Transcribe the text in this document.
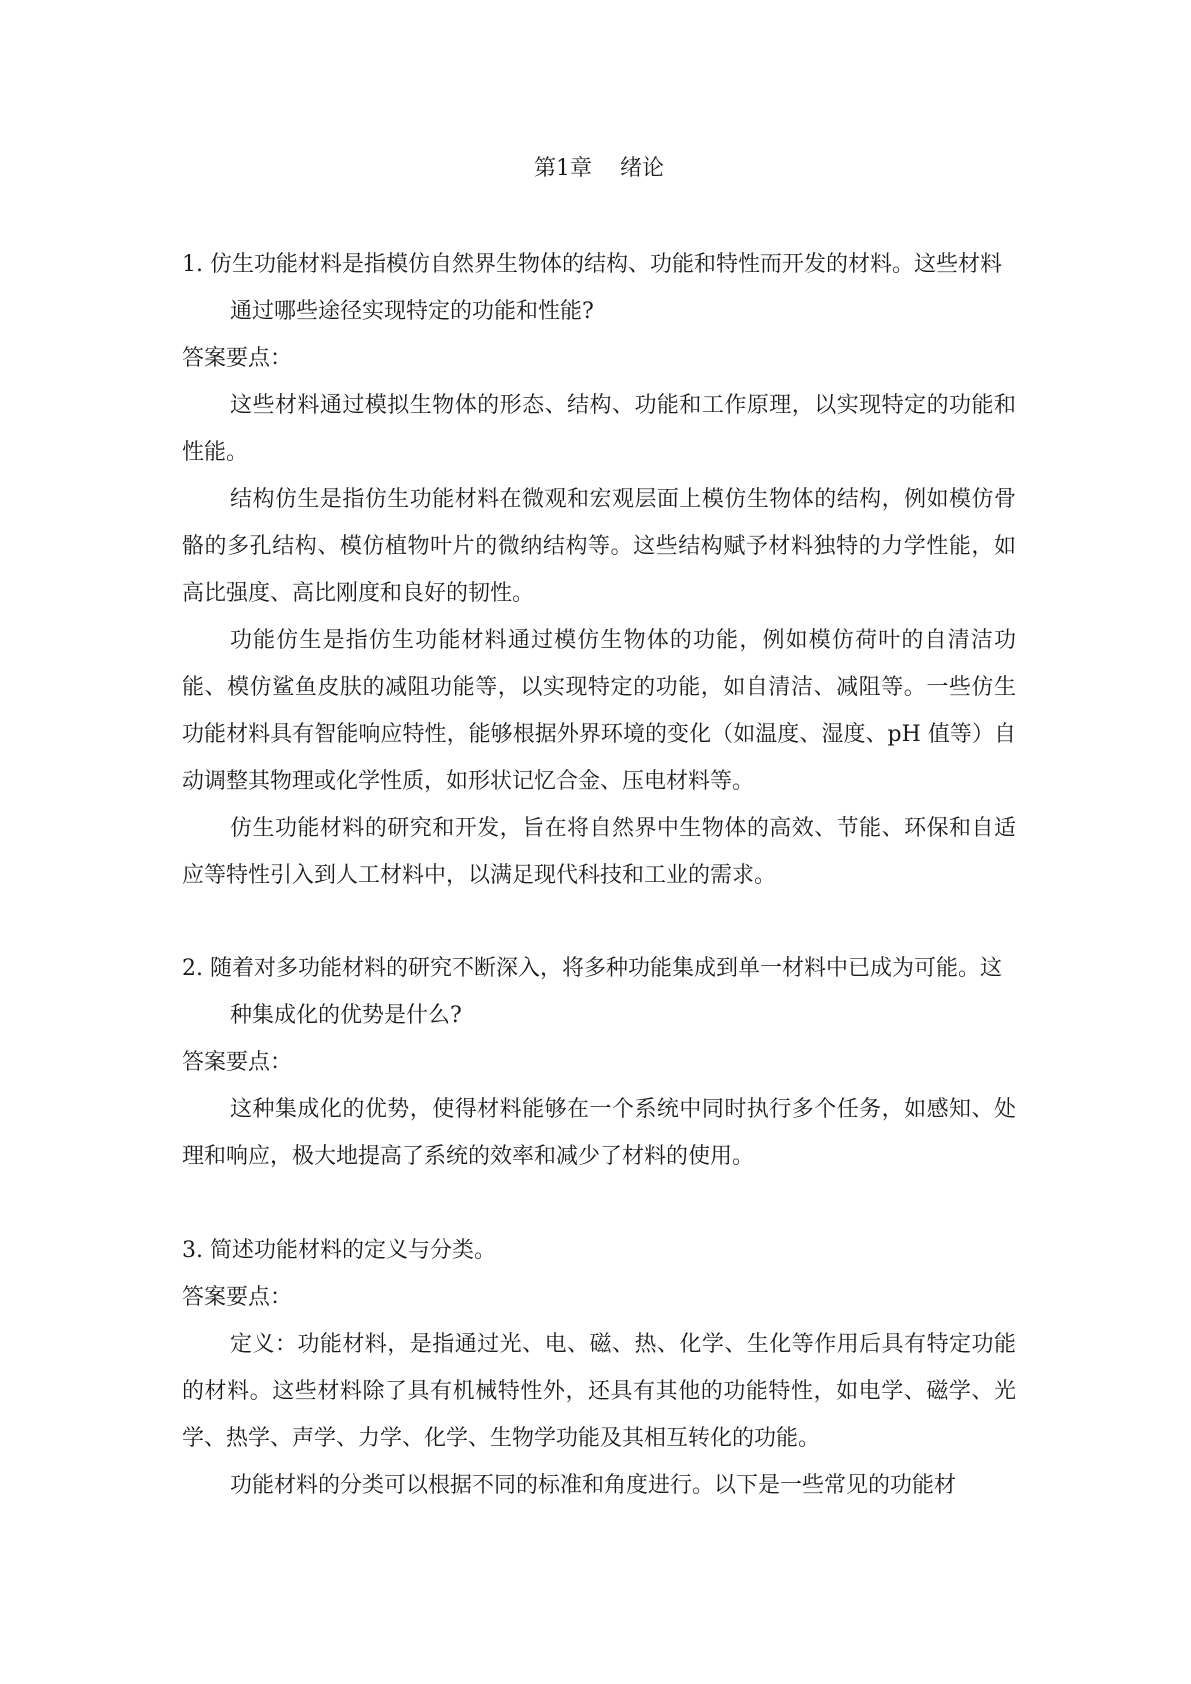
第1章    绪论
1. 仿生功能材料是指模仿自然界生物体的结构、功能和特性而开发的材料。这些材料通过哪些途径实现特定的功能和性能?
答案要点：
这些材料通过模拟生物体的形态、结构、功能和工作原理，以实现特定的功能和性能。
结构仿生是指仿生功能材料在微观和宏观层面上模仿生物体的结构，例如模仿骨骼的多孔结构、模仿植物叶片的微纳结构等。这些结构赋予材料独特的力学性能，如高比强度、高比刚度和良好的韧性。
功能仿生是指仿生功能材料通过模仿生物体的功能，例如模仿荷叶的自清洁功能、模仿鲨鱼皮肤的减阻功能等，以实现特定的功能，如自清洁、减阻等。一些仿生功能材料具有智能响应特性，能够根据外界环境的变化（如温度、湿度、pH 值等）自动调整其物理或化学性质，如形状记忆合金、压电材料等。
仿生功能材料的研究和开发，旨在将自然界中生物体的高效、节能、环保和自适应等特性引入到人工材料中，以满足现代科技和工业的需求。
2. 随着对多功能材料的研究不断深入，将多种功能集成到单一材料中已成为可能。这种集成化的优势是什么?
答案要点：
这种集成化的优势，使得材料能够在一个系统中同时执行多个任务，如感知、处理和响应，极大地提高了系统的效率和减少了材料的使用。
3. 简述功能材料的定义与分类。
答案要点：
定义：功能材料，是指通过光、电、磁、热、化学、生化等作用后具有特定功能的材料。这些材料除了具有机械特性外，还具有其他的功能特性，如电学、磁学、光学、热学、声学、力学、化学、生物学功能及其相互转化的功能。
功能材料的分类可以根据不同的标准和角度进行。以下是一些常见的功能材
